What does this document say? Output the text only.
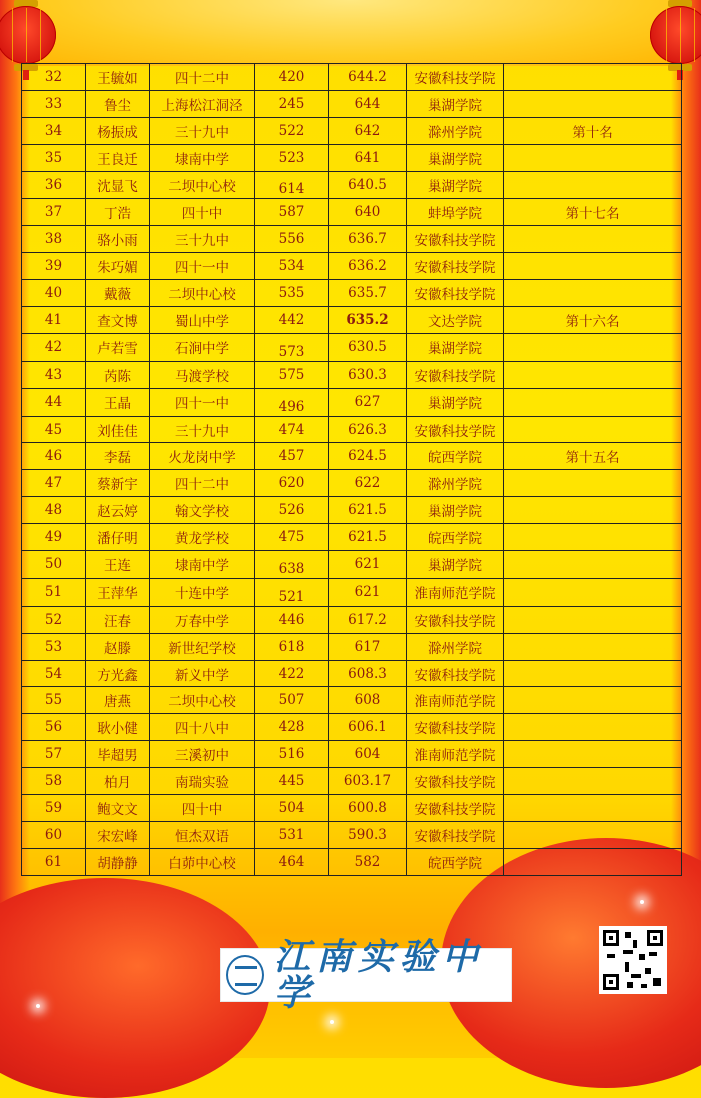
32	王毓如	四十二中	420	644.2	安徽科技学院	
33	鲁尘	上海松江洞泾	245	644	巢湖学院	
34	杨振成	三十九中	522	642	滁州学院	第十名
35	王良迁	埭南中学	523	641	巢湖学院	
36	沈显飞	二坝中心校	614	640.5	巢湖学院	
37	丁浩	四十中	587	640	蚌埠学院	第十七名
38	骆小雨	三十九中	556	636.7	安徽科技学院	
39	朱巧媚	四十一中	534	636.2	安徽科技学院	
40	戴薇	二坝中心校	535	635.7	安徽科技学院	
41	查文博	蜀山中学	442	635.2	文达学院	第十六名
42	卢若雪	石涧中学	573	630.5	巢湖学院	
43	芮陈	马渡学校	575	630.3	安徽科技学院	
44	王晶	四十一中	496	627	巢湖学院	
45	刘佳佳	三十九中	474	626.3	安徽科技学院	
46	李磊	火龙岗中学	457	624.5	皖西学院	第十五名
47	蔡新宇	四十二中	620	622	滁州学院	
48	赵云婷	翰文学校	526	621.5	巢湖学院	
49	潘仔明	黄龙学校	475	621.5	皖西学院	
50	王连	埭南中学	638	621	巢湖学院	
51	王萍华	十连中学	521	621	淮南师范学院	
52	汪春	万春中学	446	617.2	安徽科技学院	
53	赵滕	新世纪学校	618	617	滁州学院	
54	方光鑫	新义中学	422	608.3	安徽科技学院	
55	唐燕	二坝中心校	507	608	淮南师范学院	
56	耿小健	四十八中	428	606.1	安徽科技学院	
57	毕超男	三溪初中	516	604	淮南师范学院	
58	柏月	南瑞实验	445	603.17	安徽科技学院	
59	鲍文文	四十中	504	600.8	安徽科技学院	
60	宋宏峰	恒杰双语	531	590.3	安徽科技学院	
61	胡静静	白茆中心校	464	582	皖西学院	
江南实验中学
